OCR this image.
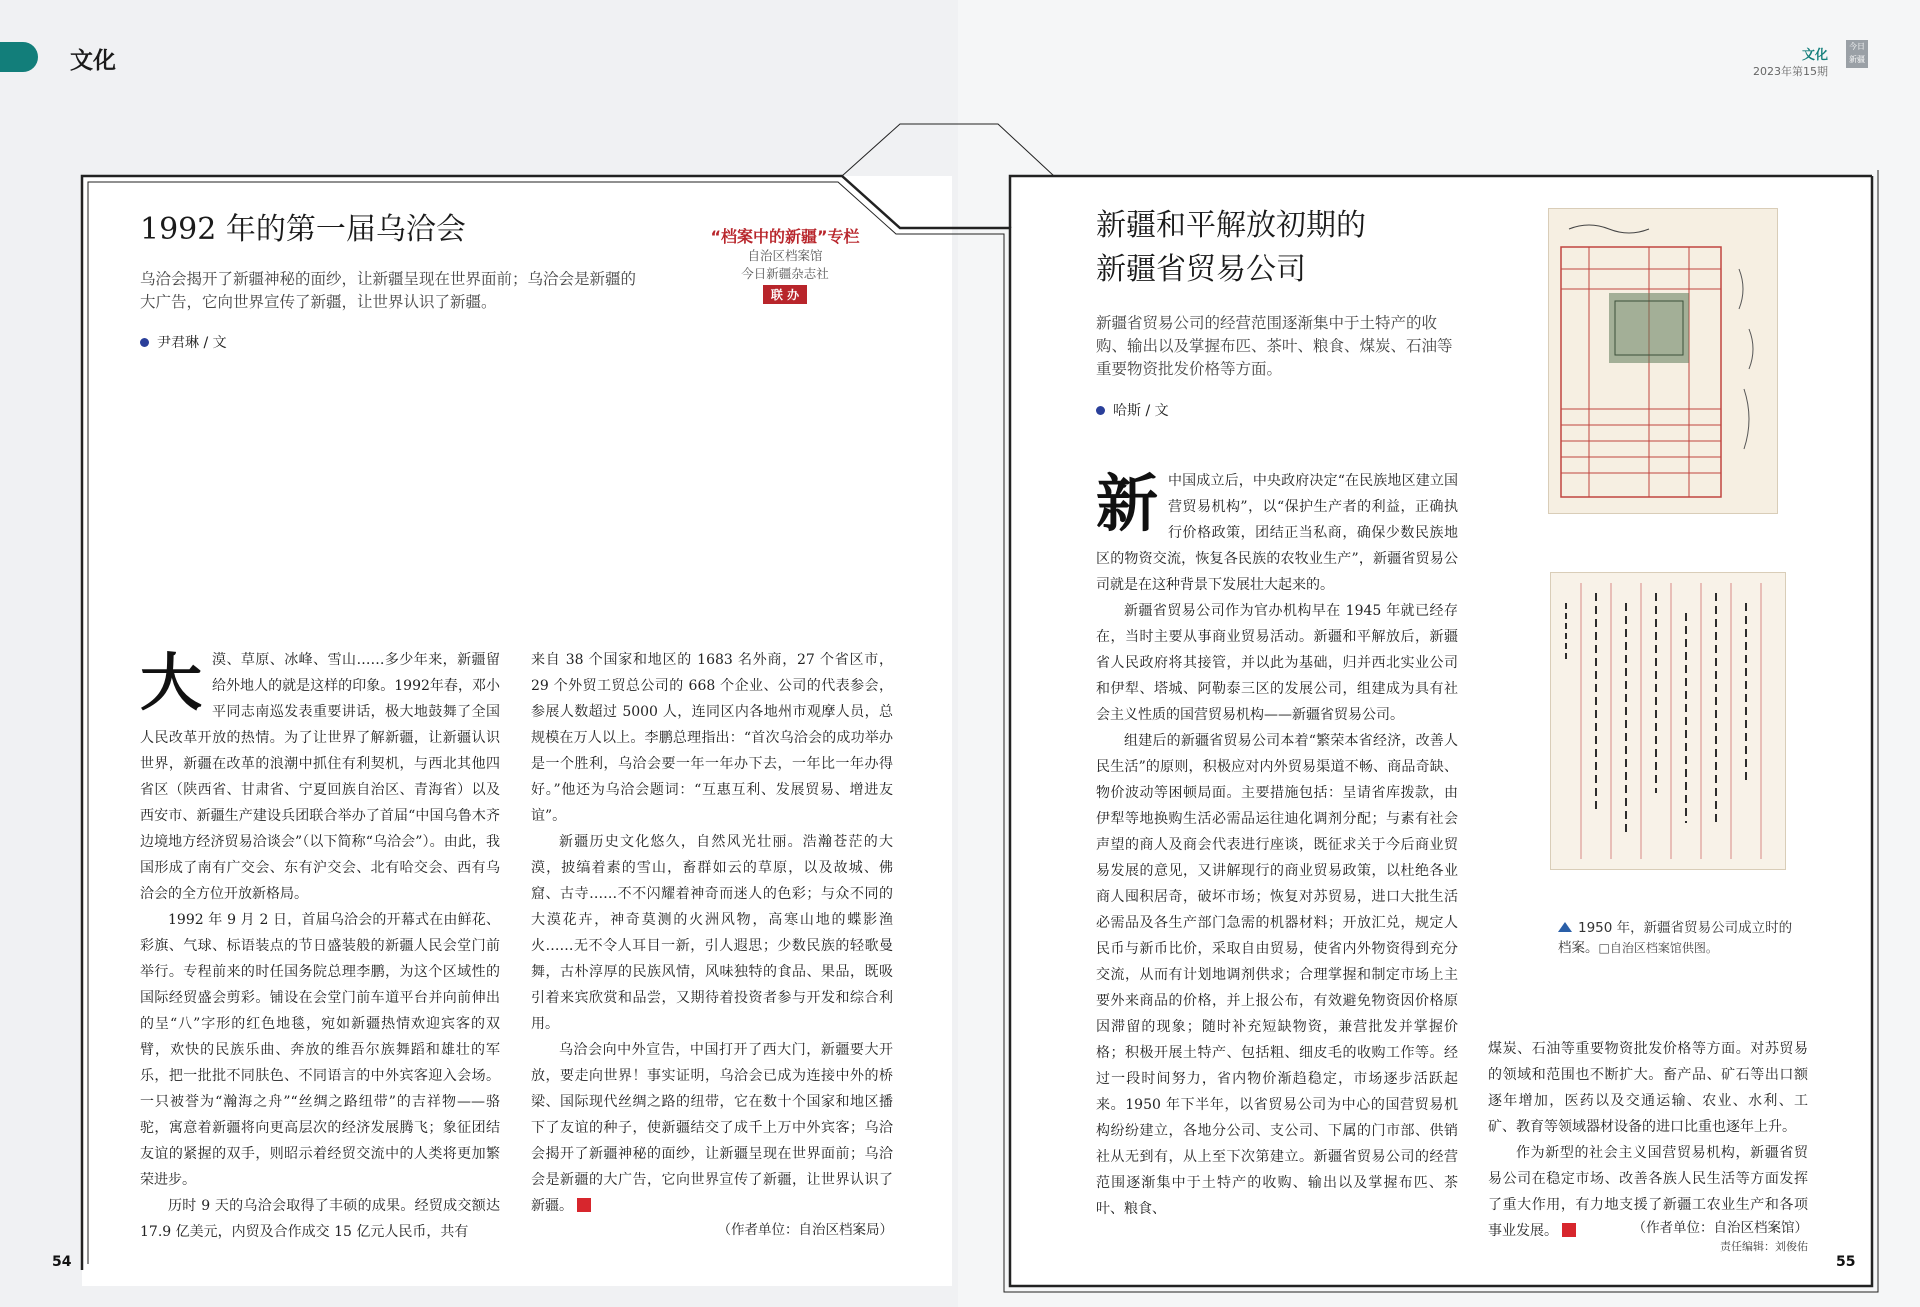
文化
1992 年的第一届乌洽会	“档案中的新疆”专栏
自治区档案馆
今日新疆杂志社
联 办
乌洽会揭开了新疆神秘的面纱，让新疆呈现在世界面前；乌洽会是新疆的大广告，它向世界宣传了新疆，让世界认识了新疆。
尹君琳 / 文
大 漠、草原、冰峰、雪山……多少年来，新疆留给外地人的就是这样的印象。1992年春，邓小平同志南巡发表重要讲话，极大地鼓舞了全国人民改革开放的热情。为了让世界了解新疆，让新疆认识世界，新疆在改革的浪潮中抓住有利契机，与西北其他四省区（陕西省、甘肃省、宁夏回族自治区、青海省）以及西安市、新疆生产建设兵团联合举办了首届“中国乌鲁木齐边境地方经济贸易洽谈会”（以下简称“乌洽会”）。由此，我国形成了南有广交会、东有沪交会、北有哈交会、西有乌洽会的全方位开放新格局。

1992 年 9 月 2 日，首届乌洽会的开幕式在由鲜花、彩旗、气球、标语装点的节日盛装般的新疆人民会堂门前举行。专程前来的时任国务院总理李鹏，为这个区域性的国际经贸盛会剪彩。铺设在会堂门前车道平台并向前伸出的呈“八”字形的红色地毯，宛如新疆热情欢迎宾客的双臂，欢快的民族乐曲、奔放的维吾尔族舞蹈和雄壮的军乐，把一批批不同肤色、不同语言的中外宾客迎入会场。一只被誉为“瀚海之舟”“丝绸之路纽带”的吉祥物——骆驼，寓意着新疆将向更高层次的经济发展腾飞；象征团结友谊的紧握的双手，则昭示着经贸交流中的人类将更加繁荣进步。

历时 9 天的乌洽会取得了丰硕的成果。经贸成交额达 17.9 亿美元，内贸及合作成交 15 亿元人民币，共有

来自 38 个国家和地区的 1683 名外商，27 个省区市，29 个外贸工贸总公司的 668 个企业、公司的代表参会，参展人数超过 5000 人，连同区内各地州市观摩人员，总规模在万人以上。李鹏总理指出：“首次乌洽会的成功举办是一个胜利，乌洽会要一年一年办下去，一年比一年办得好。”他还为乌洽会题词：“互惠互利、发展贸易、增进友谊”。

新疆历史文化悠久，自然风光壮丽。浩瀚苍茫的大漠，披缟着素的雪山，畜群如云的草原，以及故城、佛窟、古寺……不不闪耀着神奇而迷人的色彩；与众不同的大漠花卉，神奇莫测的火洲风物，高寒山地的蝶影渔火……无不令人耳目一新，引人遐思；少数民族的轻歌曼舞，古朴淳厚的民族风情，风味独特的食品、果品，既吸引着来宾欣赏和品尝，又期待着投资者参与开发和综合利用。

乌洽会向中外宣告，中国打开了西大门，新疆要大开放，要走向世界！事实证明，乌洽会已成为连接中外的桥梁、国际现代丝绸之路的纽带，它在数十个国家和地区播下了友谊的种子，使新疆结交了成千上万中外宾客；乌洽会揭开了新疆神秘的面纱，让新疆呈现在世界面前；乌洽会是新疆的大广告，它向世界宣传了新疆，让世界认识了新疆。

（作者单位：自治区档案局）
54
文化
2023年第15期
今日新疆
新疆和平解放初期的
新疆省贸易公司
新疆省贸易公司的经营范围逐渐集中于土特产的收购、输出以及掌握布匹、茶叶、粮食、煤炭、石油等重要物资批发价格等方面。
哈斯 / 文
1950 年，新疆省贸易公司成立时的档案。□自治区档案馆供图。
新 中国成立后，中央政府决定“在民族地区建立国营贸易机构”，以“保护生产者的利益，正确执行价格政策，团结正当私商，确保少数民族地区的物资交流，恢复各民族的农牧业生产”，新疆省贸易公司就是在这种背景下发展壮大起来的。

新疆省贸易公司作为官办机构早在 1945 年就已经存在，当时主要从事商业贸易活动。新疆和平解放后，新疆省人民政府将其接管，并以此为基础，归并西北实业公司和伊犁、塔城、阿勒泰三区的发展公司，组建成为具有社会主义性质的国营贸易机构——新疆省贸易公司。

组建后的新疆省贸易公司本着“繁荣本省经济，改善人民生活”的原则，积极应对内外贸易渠道不畅、商品奇缺、物价波动等困顿局面。主要措施包括：呈请省库拨款，由伊犁等地换购生活必需品运往迪化调剂分配；与素有社会声望的商人及商会代表进行座谈，既征求关于今后商业贸易发展的意见，又讲解现行的商业贸易政策，以杜绝各业商人囤积居奇，破坏市场；恢复对苏贸易，进口大批生活必需品及各生产部门急需的机器材料；开放汇兑，规定人民币与新币比价，采取自由贸易，使省内外物资得到充分交流，从而有计划地调剂供求；合理掌握和制定市场上主要外来商品的价格，并上报公布，有效避免物资因价格原因滞留的现象；随时补充短缺物资，兼营批发并掌握价格；积极开展土特产、包括粗、细皮毛的收购工作等。经过一段时间努力，省内物价渐趋稳定，市场逐步活跃起来。1950 年下半年，以省贸易公司为中心的国营贸易机构纷纷建立，各地分公司、支公司、下属的门市部、供销社从无到有，从上至下次第建立。新疆省贸易公司的经营范围逐渐集中于土特产的收购、输出以及掌握布匹、茶叶、粮食、

煤炭、石油等重要物资批发价格等方面。对苏贸易的领域和范围也不断扩大。畜产品、矿石等出口额逐年增加，医药以及交通运输、农业、水利、工矿、教育等领域器材设备的进口比重也逐年上升。

作为新型的社会主义国营贸易机构，新疆省贸易公司在稳定市场、改善各族人民生活等方面发挥了重大作用，有力地支援了新疆工农业生产和各项事业发展。	（作者单位：自治区档案馆）
责任编辑：刘俊佑
55
